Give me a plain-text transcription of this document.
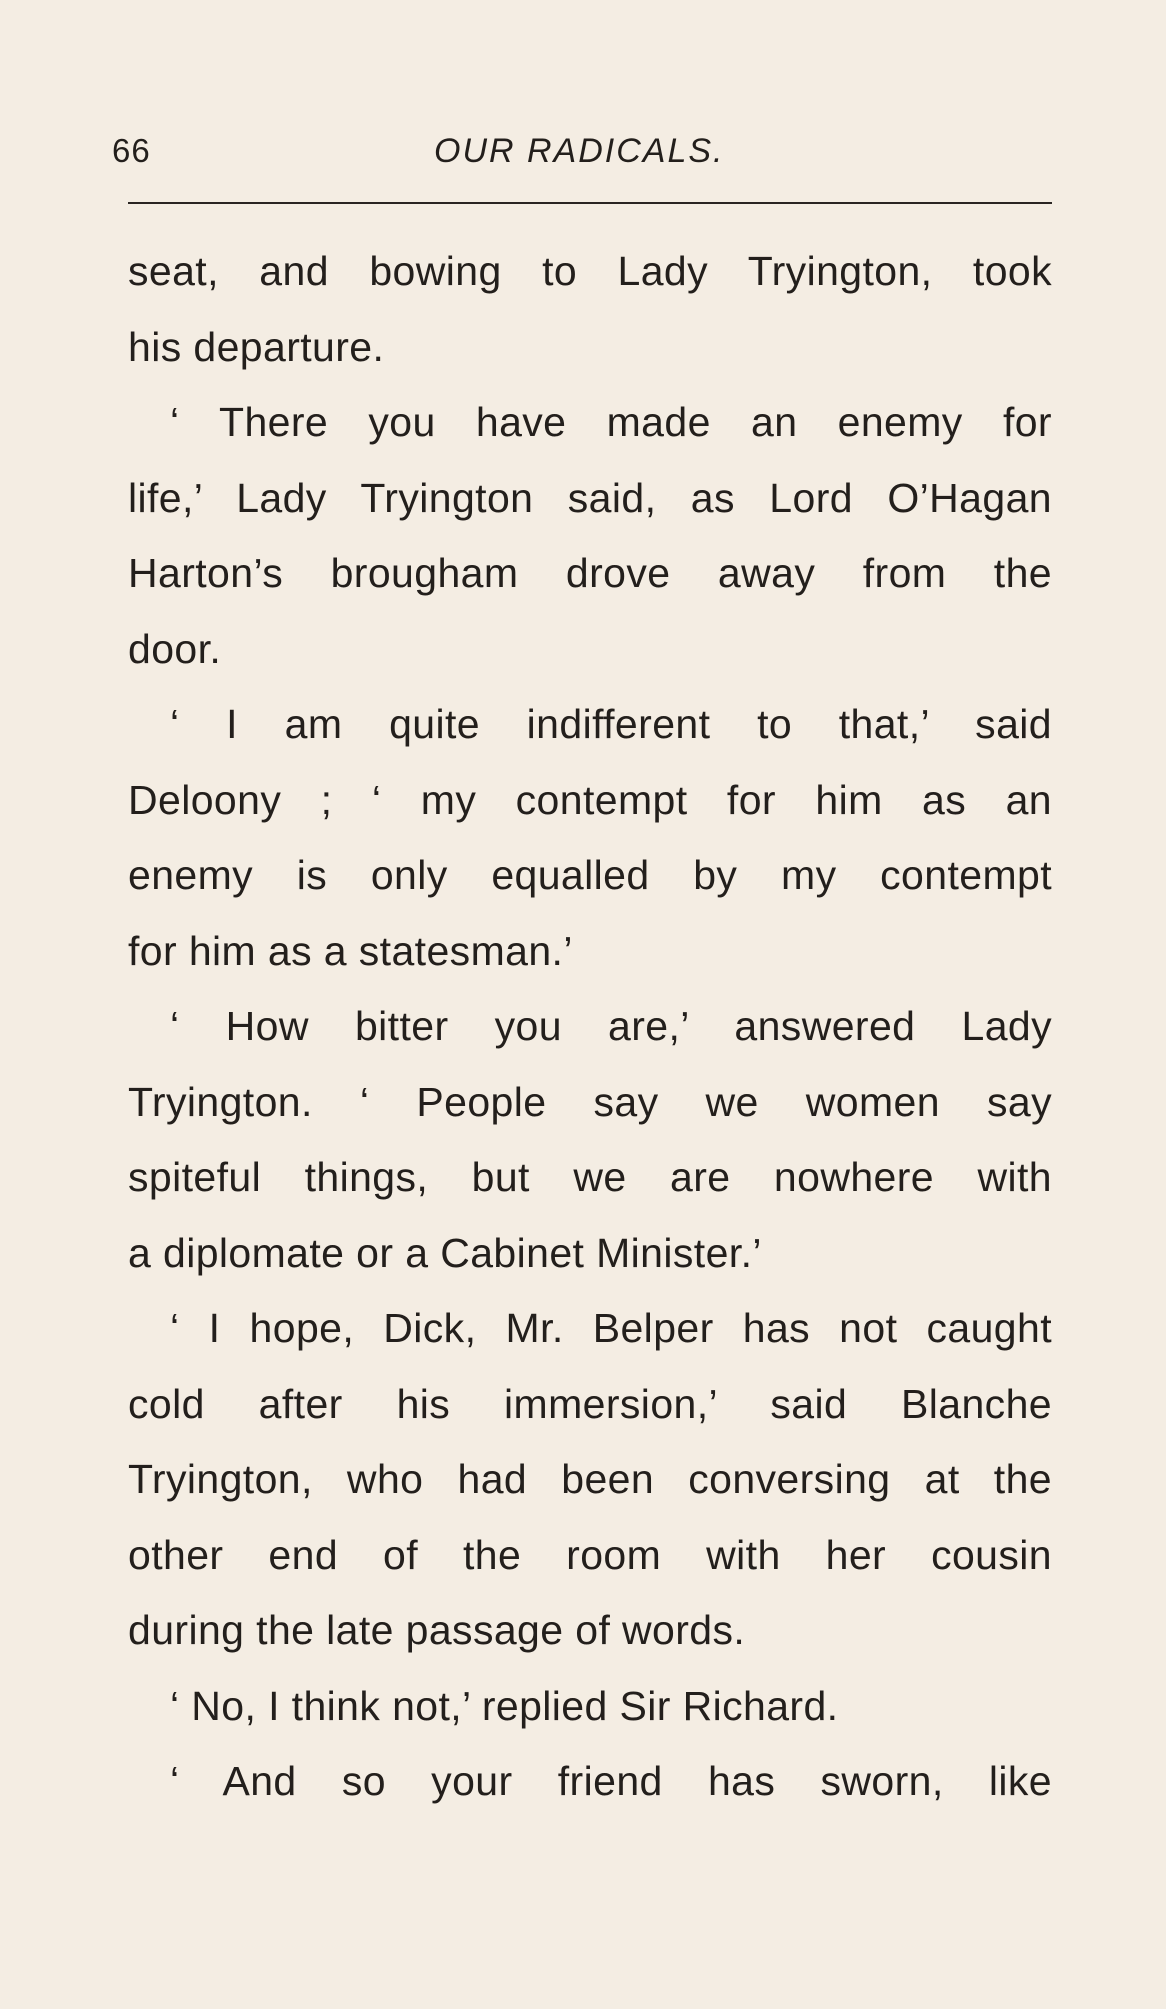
66	OUR RADICALS.
seat, and bowing to Lady Tryington, took
his departure.
‘ There you have made an enemy for
life,’ Lady Tryington said, as Lord O’Hagan
Harton’s brougham drove away from the
door.
‘ I am quite indifferent to that,’ said
Deloony ; ‘ my contempt for him as an
enemy is only equalled by my contempt
for him as a statesman.’
‘ How bitter you are,’ answered Lady
Tryington. ‘ People say we women say
spiteful things, but we are nowhere with
a diplomate or a Cabinet Minister.’
‘ I hope, Dick, Mr. Belper has not caught
cold after his immersion,’ said Blanche
Tryington, who had been conversing at the
other end of the room with her cousin
during the late passage of words.
‘ No, I think not,’ replied Sir Richard.
‘ And so your friend has sworn, like
